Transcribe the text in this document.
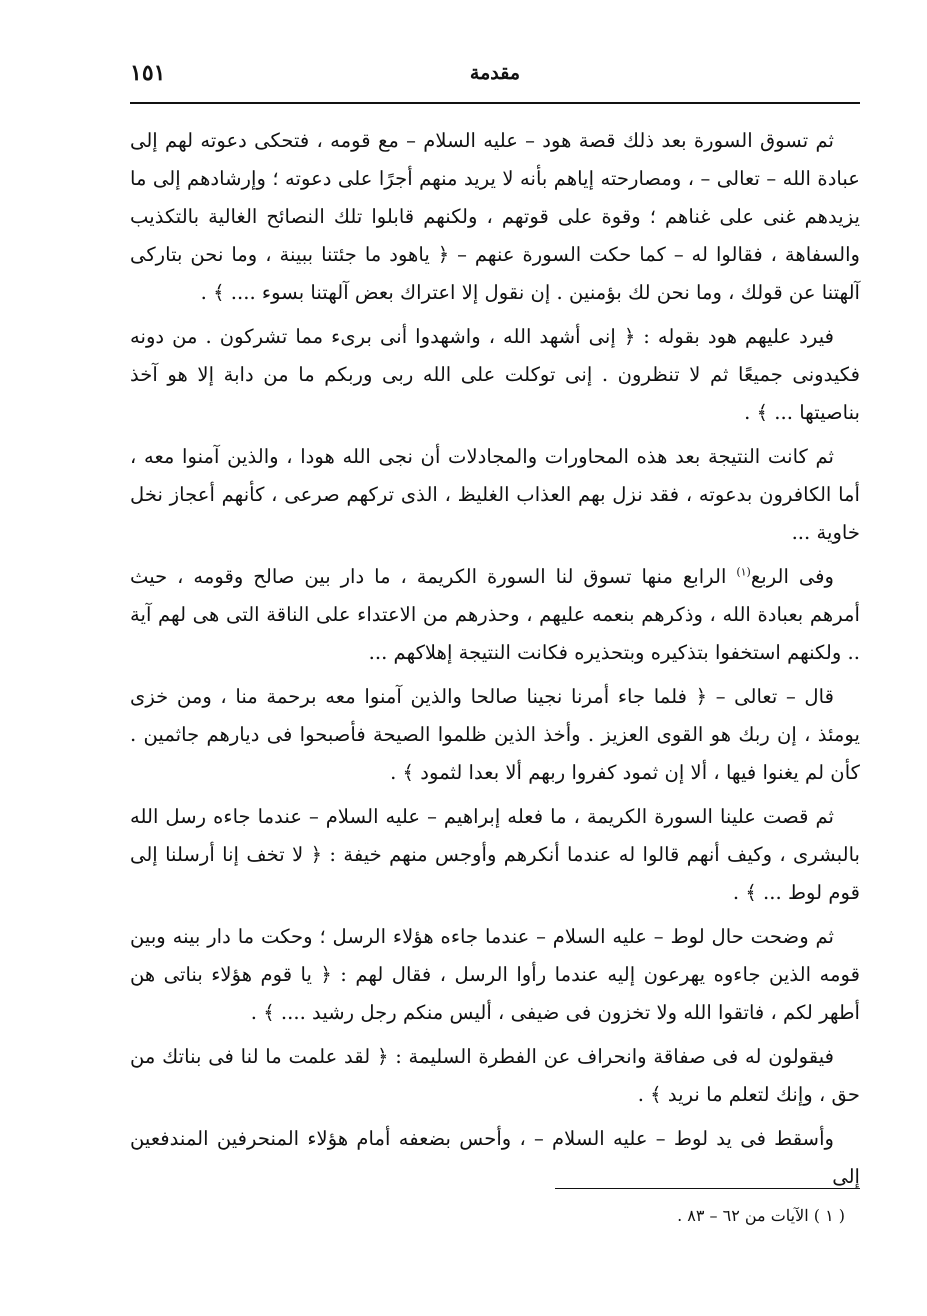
١٥١	مقدمة

ثم تسوق السورة بعد ذلك قصة هود – عليه السلام – مع قومه ، فتحكى دعوته لهم إلى عبادة الله – تعالى – ، ومصارحته إياهم بأنه لا يريد منهم أجرًا على دعوته ؛ وإرشادهم إلى ما يزيدهم غنى على غناهم ؛ وقوة على قوتهم ، ولكنهم قابلوا تلك النصائح الغالية بالتكذيب والسفاهة ، فقالوا له – كما حكت السورة عنهم – ﴿ ياهود ما جئتنا ببينة ، وما نحن بتاركى آلهتنا عن قولك ، وما نحن لك بؤمنين . إن نقول إلا اعتراك بعض آلهتنا بسوء .... ﴾ .

فيرد عليهم هود بقوله : ﴿ إنى أشهد الله ، واشهدوا أنى برىء مما تشركون . من دونه فكيدونى جميعًا ثم لا تنظرون . إنى توكلت على الله ربى وربكم ما من دابة إلا هو آخذ بناصيتها ... ﴾ .

ثم كانت النتيجة بعد هذه المحاورات والمجادلات أن نجى الله هودا ، والذين آمنوا معه ، أما الكافرون بدعوته ، فقد نزل بهم العذاب الغليظ ، الذى تركهم صرعى ، كأنهم أعجاز نخل خاوية ...

وفى الربع$^{(١)}$ الرابع منها تسوق لنا السورة الكريمة ، ما دار بين صالح وقومه ، حيث أمرهم بعبادة الله ، وذكرهم بنعمه عليهم ، وحذرهم من الاعتداء على الناقة التى هى لهم آية .. ولكنهم استخفوا بتذكيره وبتحذيره فكانت النتيجة إهلاكهم ...

قال – تعالى – ﴿ فلما جاء أمرنا نجينا صالحا والذين آمنوا معه برحمة منا ، ومن خزى يومئذ ، إن ربك هو القوى العزيز . وأخذ الذين ظلموا الصيحة فأصبحوا فى ديارهم جاثمين . كأن لم يغنوا فيها ، ألا إن ثمود كفروا ربهم ألا بعدا لثمود ﴾ .

ثم قصت علينا السورة الكريمة ، ما فعله إبراهيم – عليه السلام – عندما جاءه رسل الله بالبشرى ، وكيف أنهم قالوا له عندما أنكرهم وأوجس منهم خيفة : ﴿ لا تخف إنا أرسلنا إلى قوم لوط ... ﴾ .

ثم وضحت حال لوط – عليه السلام – عندما جاءه هؤلاء الرسل ؛ وحكت ما دار بينه وبين قومه الذين جاءوه يهرعون إليه عندما رأوا الرسل ، فقال لهم : ﴿ يا قوم هؤلاء بناتى هن أطهر لكم ، فاتقوا الله ولا تخزون فى ضيفى ، أليس منكم رجل رشيد .... ﴾ .

فيقولون له فى صفاقة وانحراف عن الفطرة السليمة : ﴿ لقد علمت ما لنا فى بناتك من حق ، وإنك لتعلم ما نريد ﴾ .

وأسقط فى يد لوط – عليه السلام – ، وأحس بضعفه أمام هؤلاء المنحرفين المندفعين إلى

( ١ ) الآيات من ٦٢ – ٨٣ .
